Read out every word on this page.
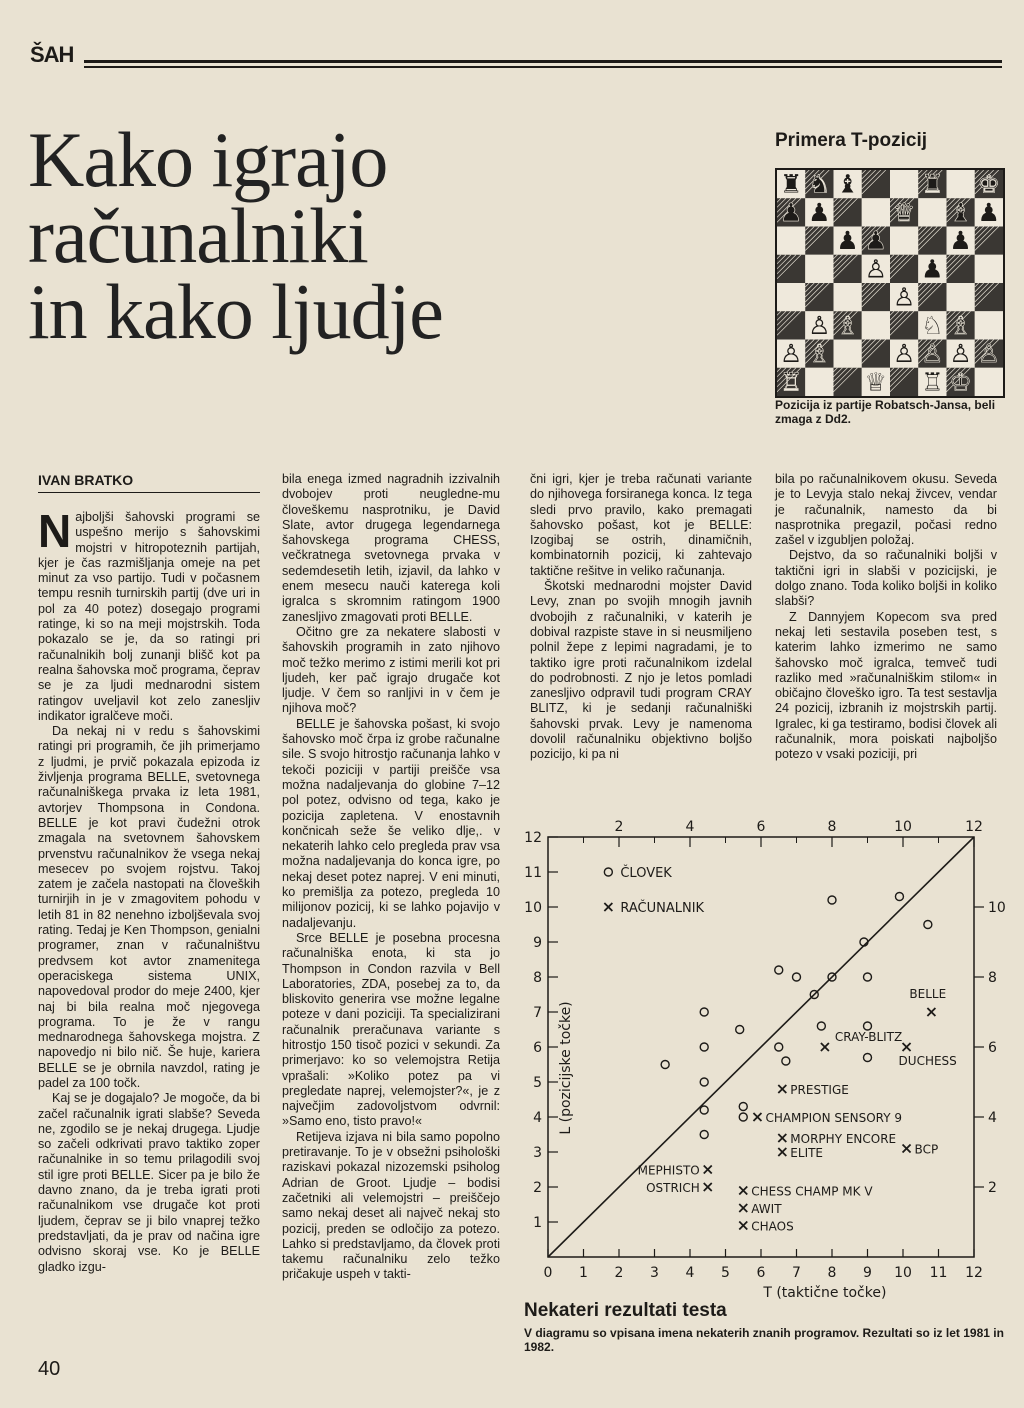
ŠAH
Kako igrajo
računalniki
in kako ljudje
Primera T-pozicij
♜ ♞ ♝ ♜ ♚
♟ ♟ ♛ ♝ ♟
♟ ♟ ♟
♙ ♟
♙
♙ ♗ ♘ ♗
♙ ♗ ♙ ♙ ♙ ♙
♖ ♕ ♖ ♔
Pozicija iz partije Robatsch-Jansa, beli zmaga z Dd2.
IVAN BRATKO

Najboljši šahovski programi se uspešno merijo s šahovskimi mojstri v hitropoteznih partijah, kjer je čas razmišljanja omeje na pet minut za vso partijo. Tudi v počasnem tempu resnih turnirskih partij (dve uri in pol za 40 potez) dosegajo programi ratinge, ki so na meji mojstrskih. Toda pokazalo se je, da so ratingi pri računalnikih bolj zunanji blišč kot pa realna šahovska moč programa, čeprav se je za ljudi mednarodni sistem ratingov uveljavil kot zelo zanesljiv indikator igralčeve moči.

Da nekaj ni v redu s šahovskimi ratingi pri programih, če jih primerjamo z ljudmi, je prvič pokazala epizoda iz življenja programa BELLE, svetovnega računalniškega prvaka iz leta 1981, avtorjev Thompsona in Condona. BELLE je kot pravi čudežni otrok zmagala na svetovnem šahovskem prvenstvu računalnikov že vsega nekaj mesecev po svojem rojstvu. Takoj zatem je začela nastopati na človeških turnirjih in je v zmagovitem pohodu v letih 81 in 82 nenehno izboljševala svoj rating. Tedaj je Ken Thompson, genialni programer, znan v računalništvu predvsem kot avtor znamenitega operaciskega sistema UNIX, napovedoval prodor do meje 2400, kjer naj bi bila realna moč njegovega programa. To je že v rangu mednarodnega šahovskega mojstra. Z napovedjo ni bilo nič. Še huje, kariera BELLE se je obrnila navzdol, rating je padel za 100 točk.

Kaj se je dogajalo? Je mogoče, da bi začel računalnik igrati slabše? Seveda ne, zgodilo se je nekaj drugega. Ljudje so začeli odkrivati pravo taktiko zoper računalnike in so temu prilagodili svoj stil igre proti BELLE. Sicer pa je bilo že davno znano, da je treba igrati proti računalnikom vse drugače kot proti ljudem, čeprav se ji bilo vnaprej težko predstavljati, da je prav od načina igre odvisno skoraj vse. Ko je BELLE gladko izgu-

bila enega izmed nagradnih izzivalnih dvobojev proti neugledne-mu človeškemu nasprotniku, je David Slate, avtor drugega legendarnega šahovskega programa CHESS, večkratnega svetovnega prvaka v sedemdesetih letih, izjavil, da lahko v enem mesecu nauči katerega koli igralca s skromnim ratingom 1900 zanesljivo zmagovati proti BELLE.

Očitno gre za nekatere slabosti v šahovskih programih in zato njihovo moč težko merimo z istimi merili kot pri ljudeh, ker pač igrajo drugače kot ljudje. V čem so ranljivi in v čem je njihova moč?

BELLE je šahovska pošast, ki svojo šahovsko moč črpa iz grobe računalne sile. S svojo hitrostjo računanja lahko v tekoči poziciji v partiji preišče vsa možna nadaljevanja do globine 7–12 pol potez, odvisno od tega, kako je pozicija zapletena. V enostavnih končnicah seže še veliko dlje,. v nekaterih lahko celo pregleda prav vsa možna nadaljevanja do konca igre, po nekaj deset potez naprej. V eni minuti, ko premišlja za potezo, pregleda 10 milijonov pozicij, ki se lahko pojavijo v nadaljevanju.

Srce BELLE je posebna procesna računalniška enota, ki sta jo Thompson in Condon razvila v Bell Laboratories, ZDA, posebej za to, da bliskovito generira vse možne legalne poteze v dani poziciji. Ta specializirani računalnik preračunava variante s hitrostjo 150 tisoč pozici v sekundi. Za primerjavo: ko so velemojstra Retija vprašali: »Koliko potez pa vi pregledate naprej, velemojster?«, je z največjim zadovoljstvom odvrnil: »Samo eno, tisto pravo!«

Retijeva izjava ni bila samo popolno pretiravanje. To je v obsežni psihološki raziskavi pokazal nizozemski psiholog Adrian de Groot. Ljudje – bodisi začetniki ali velemojstri – preiščejo samo nekaj deset ali največ nekaj sto pozicij, preden se odločijo za potezo. Lahko si predstavljamo, da človek proti takemu računalniku zelo težko pričakuje uspeh v takti-

čni igri, kjer je treba računati variante do njihovega forsiranega konca. Iz tega sledi prvo pravilo, kako premagati šahovsko pošast, kot je BELLE: Izogibaj se ostrih, dinamičnih, kombinatornih pozicij, ki zahtevajo taktične rešitve in veliko računanja.

Škotski mednarodni mojster David Levy, znan po svojih mnogih javnih dvobojih z računalniki, v katerih je dobival razpiste stave in si neusmiljeno polnil žepe z lepimi nagradami, je to taktiko igre proti računalnikom izdelal do podrobnosti. Z njo je letos pomladi zanesljivo odpravil tudi program CRAY BLITZ, ki je sedanji računalniški šahovski prvak. Levy je namenoma dovolil računalniku objektivno boljšo pozicijo, ki pa ni

bila po računalnikovem okusu. Seveda je to Levyja stalo nekaj živcev, vendar je računalnik, namesto da bi nasprotnika pregazil, počasi redno zašel v izgubljen položaj.

Dejstvo, da so računalniki boljši v taktični igri in slabši v pozicijski, je dolgo znano. Toda koliko boljši in koliko slabši?

Z Dannyjem Kopecom sva pred nekaj leti sestavila poseben test, s katerim lahko izmerimo ne samo šahovsko moč igralca, temveč tudi razliko med »računalniškim stilom« in običajno človeško igro. Ta test sestavlja 24 pozicij, izbranih iz mojstrskih partij. Igralec, ki ga testiramo, bodisi človek ali računalnik, mora poiskati najboljšo potezo v vsaki poziciji, pri

0 1 2 3 4 5 6 7 8 9 10 11 12
2	4	6	8	10	12
1
2
3
4
5
6
7
8
9
10
11
12
2
4
6
8
10
T (taktične točke)
L (pozicijske točke)
ČLOVEK
RAČUNALNIK
BELLE
CRAY-BLITZ
DUCHESS
PRESTIGE
CHAMPION SENSORY 9
MORPHY ENCORE
ELITE	BCP
MEPHISTO
OSTRICH	CHESS CHAMP MK V
AWIT
CHAOS
Nekateri rezultati testa
V diagramu so vpisana imena nekaterih znanih programov. Rezultati so iz let 1981 in 1982.
40
